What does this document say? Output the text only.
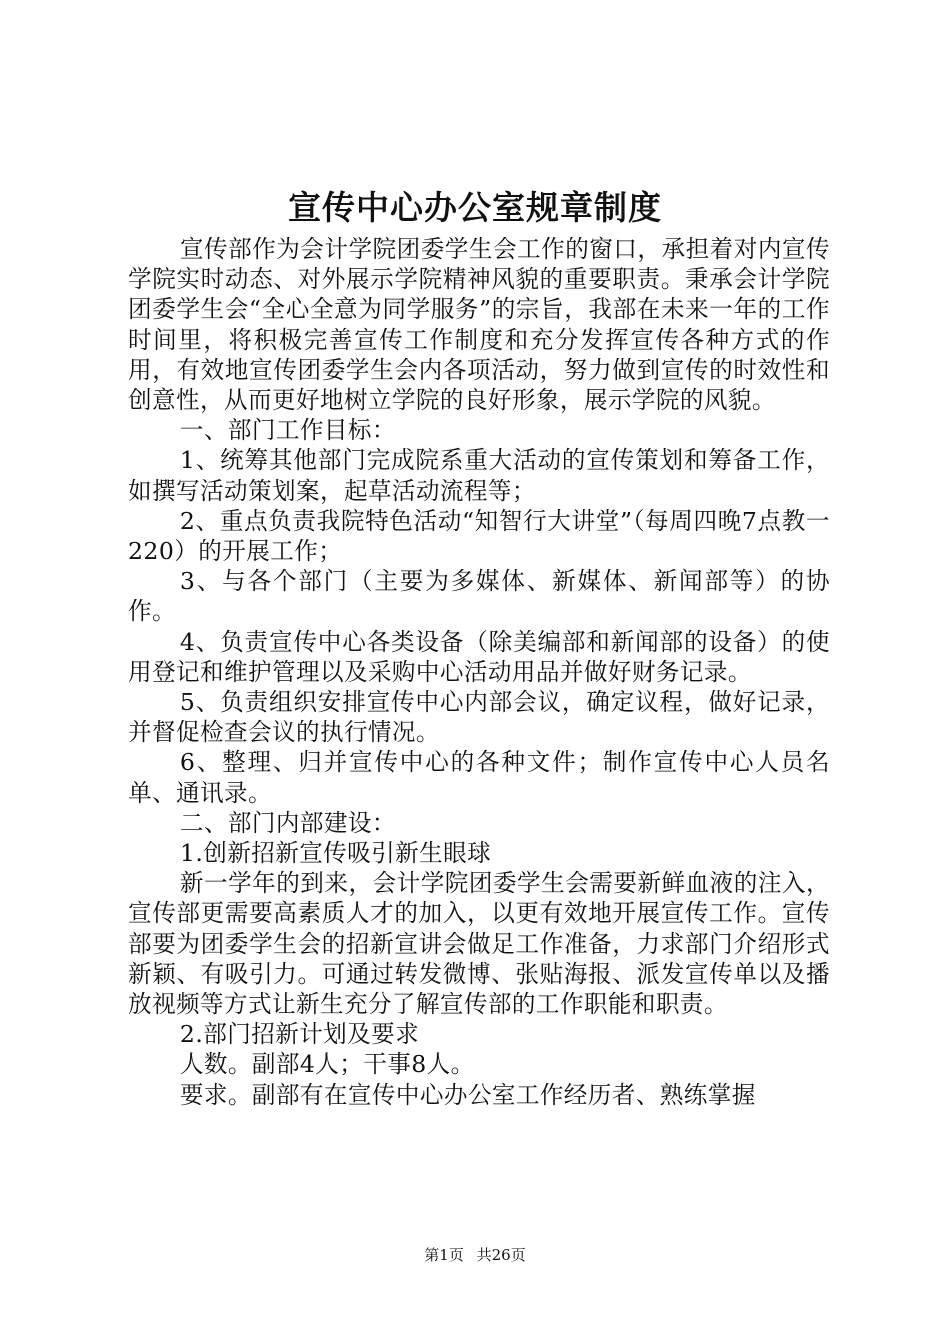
宣传中心办公室规章制度

宣传部作为会计学院团委学生会工作的窗口，承担着对内宣传学院实时动态、对外展示学院精神风貌的重要职责。秉承会计学院团委学生会“全心全意为同学服务”的宗旨，我部在未来一年的工作时间里，将积极完善宣传工作制度和充分发挥宣传各种方式的作用，有效地宣传团委学生会内各项活动，努力做到宣传的时效性和创意性，从而更好地树立学院的良好形象，展示学院的风貌。

一、部门工作目标：

1、统筹其他部门完成院系重大活动的宣传策划和筹备工作，如撰写活动策划案，起草活动流程等；

2、重点负责我院特色活动“知智行大讲堂”（每周四晚7点教一220）的开展工作；

3、与各个部门（主要为多媒体、新媒体、新闻部等）的协作。

4、负责宣传中心各类设备（除美编部和新闻部的设备）的使用登记和维护管理以及采购中心活动用品并做好财务记录。

5、负责组织安排宣传中心内部会议，确定议程，做好记录，并督促检查会议的执行情况。

6、整理、归并宣传中心的各种文件；制作宣传中心人员名单、通讯录。

二、部门内部建设：

1.创新招新宣传吸引新生眼球

新一学年的到来，会计学院团委学生会需要新鲜血液的注入，宣传部更需要高素质人才的加入，以更有效地开展宣传工作。宣传部要为团委学生会的招新宣讲会做足工作准备，力求部门介绍形式新颖、有吸引力。可通过转发微博、张贴海报、派发宣传单以及播放视频等方式让新生充分了解宣传部的工作职能和职责。

2.部门招新计划及要求

人数。副部4人；干事8人。

要求。副部有在宣传中心办公室工作经历者、熟练掌握

第1页 共26页
